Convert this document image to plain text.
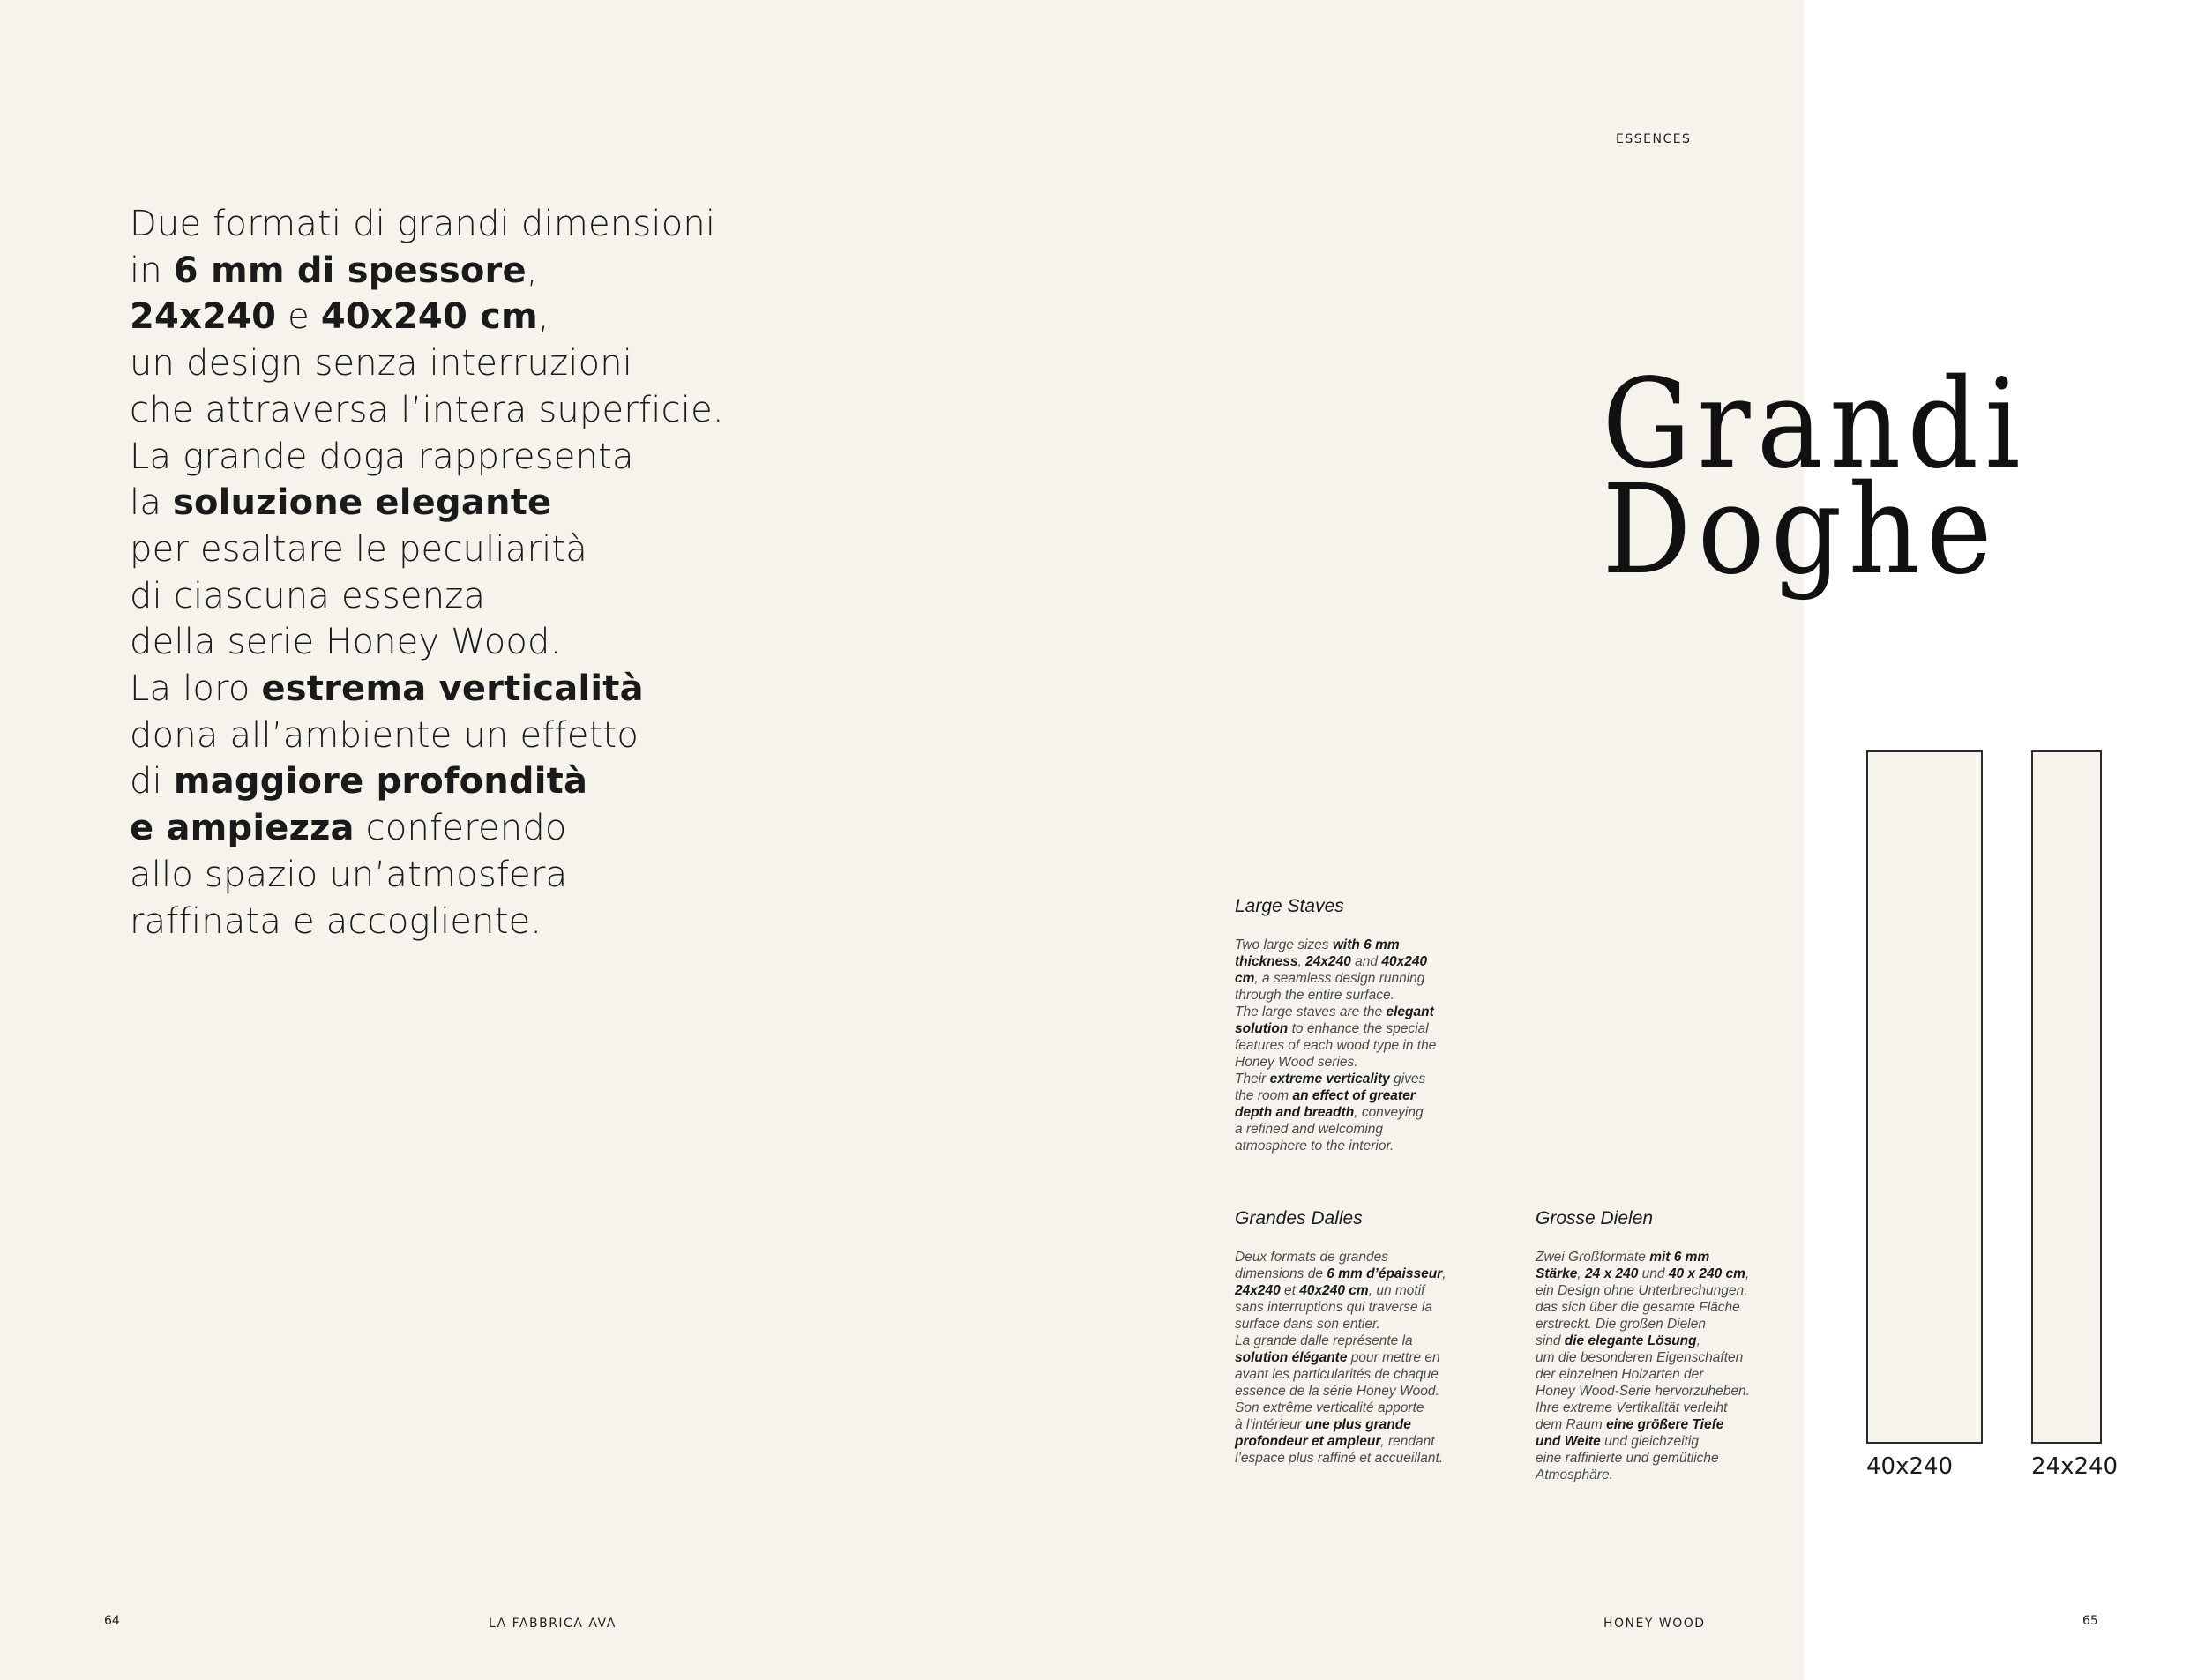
ESSENCES
Due formati di grandi dimensioni
in 6 mm di spessore,
24x240 e 40x240 cm,
un design senza interruzioni
che attraversa l’intera superficie.
La grande doga rappresenta
la soluzione elegante
per esaltare le peculiarità
di ciascuna essenza
della serie Honey Wood.
La loro estrema verticalità
dona all’ambiente un effetto
di maggiore profondità
e ampiezza conferendo
allo spazio un’atmosfera
raffinata e accogliente.
Grandi
Doghe
Large Staves

Two large sizes with 6 mm
thickness, 24x240 and 40x240
cm, a seamless design running
through the entire surface.
The large staves are the elegant
solution to enhance the special
features of each wood type in the
Honey Wood series.
Their extreme verticality gives
the room an effect of greater
depth and breadth, conveying
a refined and welcoming
atmosphere to the interior.

Grandes Dalles

Deux formats de grandes
dimensions de 6 mm d’épaisseur,
24x240 et 40x240 cm, un motif
sans interruptions qui traverse la
surface dans son entier.
La grande dalle représente la
solution élégante pour mettre en
avant les particularités de chaque
essence de la série Honey Wood.
Son extrême verticalité apporte
à l’intérieur une plus grande
profondeur et ampleur, rendant
l’espace plus raffiné et accueillant.

Grosse Dielen

Zwei Großformate mit 6 mm
Stärke, 24 x 240 und 40 x 240 cm,
ein Design ohne Unterbrechungen,
das sich über die gesamte Fläche
erstreckt. Die großen Dielen
sind die elegante Lösung,
um die besonderen Eigenschaften
der einzelnen Holzarten der
Honey Wood-Serie hervorzuheben.
Ihre extreme Vertikalität verleiht
dem Raum eine größere Tiefe
und Weite und gleichzeitig
eine raffinierte und gemütliche
Atmosphäre.	40x240	24x240
64	LA FABBRICA AVA	HONEY WOOD	65
